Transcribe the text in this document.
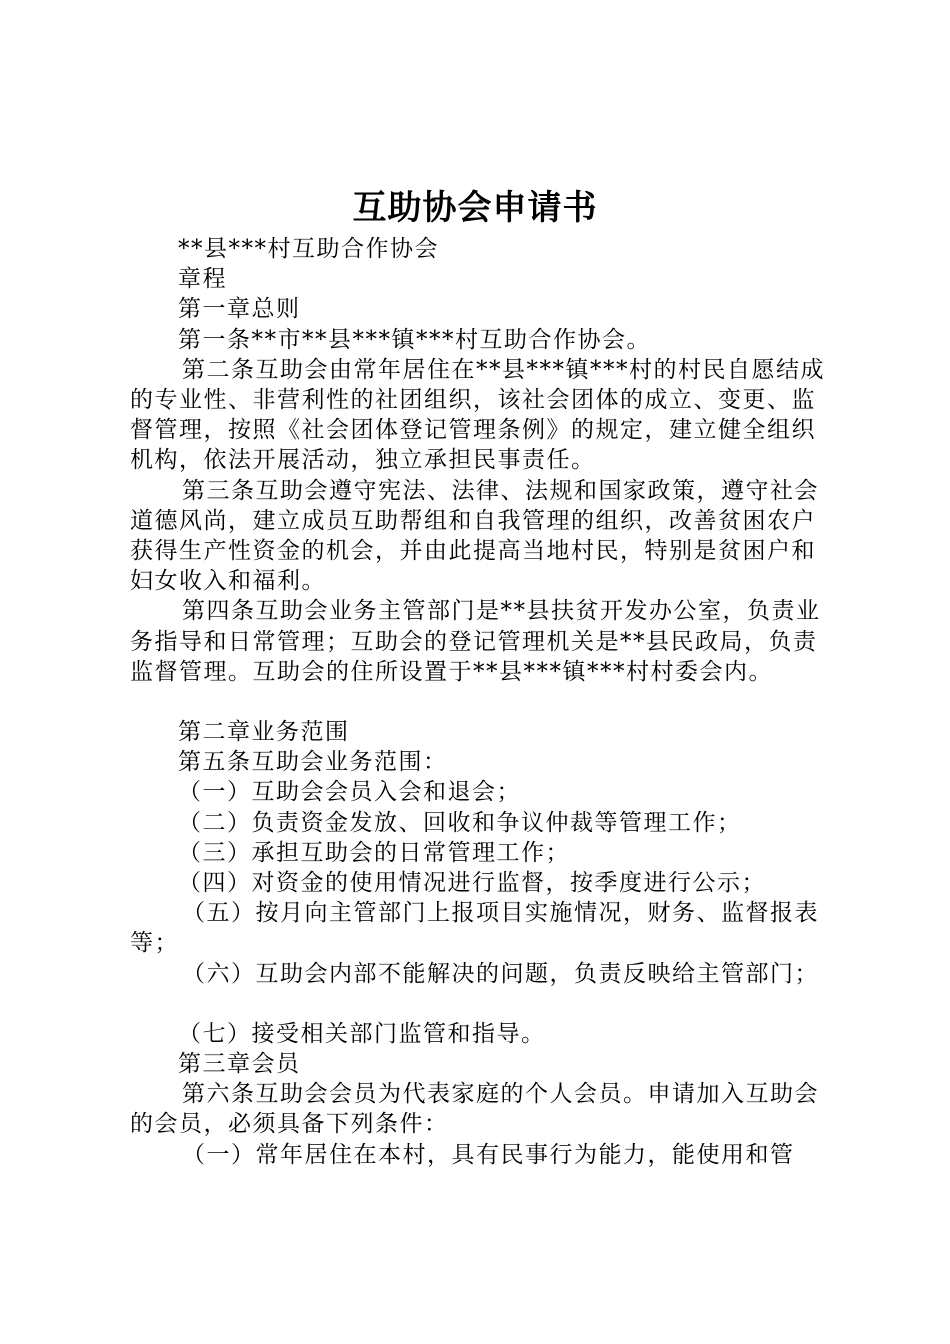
互助协会申请书

**县***村互助合作协会

章程

第一章总则

第一条**市**县***镇***村互助合作协会。

第二条互助会由常年居住在**县***镇***村的村民自愿结成的专业性、非营利性的社团组织，该社会团体的成立、变更、监督管理，按照《社会团体登记管理条例》的规定，建立健全组织机构，依法开展活动，独立承担民事责任。

第三条互助会遵守宪法、法律、法规和国家政策，遵守社会道德风尚，建立成员互助帮组和自我管理的组织，改善贫困农户获得生产性资金的机会，并由此提高当地村民，特别是贫困户和妇女收入和福利。

第四条互助会业务主管部门是**县扶贫开发办公室，负责业务指导和日常管理；互助会的登记管理机关是**县民政局，负责监督管理。互助会的住所设置于**县***镇***村村委会内。

第二章业务范围

第五条互助会业务范围：

（一）互助会会员入会和退会；

（二）负责资金发放、回收和争议仲裁等管理工作；

（三）承担互助会的日常管理工作；

（四）对资金的使用情况进行监督，按季度进行公示；

（五）按月向主管部门上报项目实施情况，财务、监督报表等；

（六）互助会内部不能解决的问题，负责反映给主管部门；

（七）接受相关部门监管和指导。

第三章会员

第六条互助会会员为代表家庭的个人会员。申请加入互助会的会员，必须具备下列条件：

（一）常年居住在本村，具有民事行为能力，能使用和管
